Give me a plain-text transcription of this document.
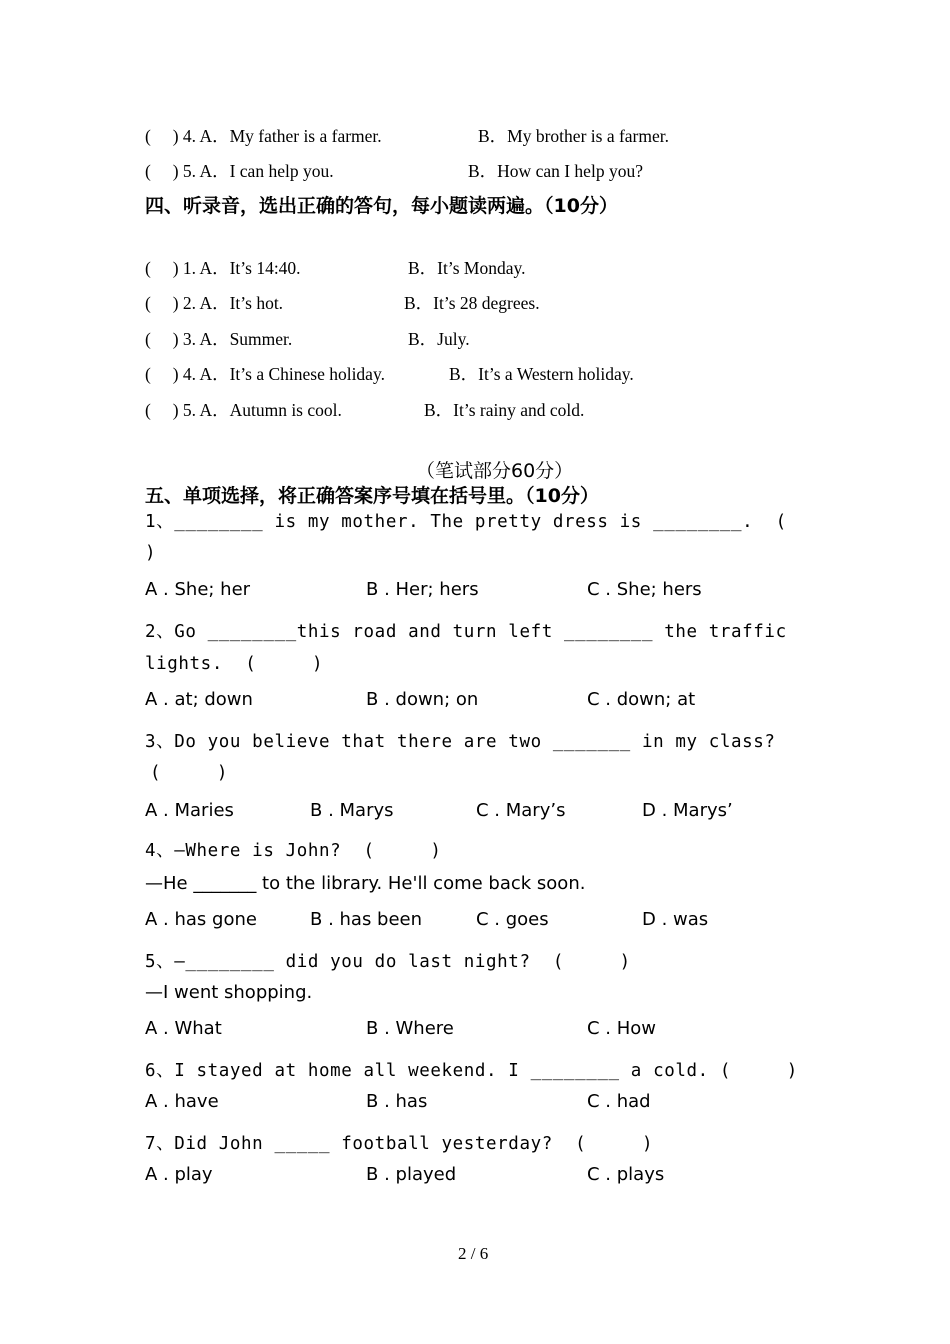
(     ) 4. A．My father is a farmer.	B．My brother is a farmer.
(     ) 5. A．I can help you.	B．How can I help you?
四、听录音，选出正确的答句，每小题读两遍。（10分）
(     ) 1. A．It’s 14:40.	B．It’s Monday.
(     ) 2. A．It’s hot.	B．It’s 28 degrees.
(     ) 3. A．Summer.	B．July.
(     ) 4. A．It’s a Chinese holiday.	B．It’s a Western holiday.
(     ) 5. A．Autumn is cool.	B．It’s rainy and cold.
（笔试部分60分）
五、单项选择，将正确答案序号填在括号里。（10分）
1、________ is my mother. The pretty dress is ________.  (
)
A . She; her	B . Her; hers	C . She; hers
2、Go ________this road and turn left ________ the traffic
lights.  (     )
A . at; down	B . down; on	C . down; at
3、Do you believe that there are two _______ in my class?
(     )
A . Maries	B . Marys	C . Mary’s	D . Marys’
4、—Where is John?  (     )
—He _______ to the library. He'll come back soon.
A . has gone	B . has been	C . goes	D . was
5、—________ did you do last night?  (     )
—I went shopping.
A . What	B . Where	C . How
6、I stayed at home all weekend. I ________ a cold. (     )
A . have	B . has	C . had
7、Did John _____ football yesterday?  (     )
A . play	B . played	C . plays
2 / 6
